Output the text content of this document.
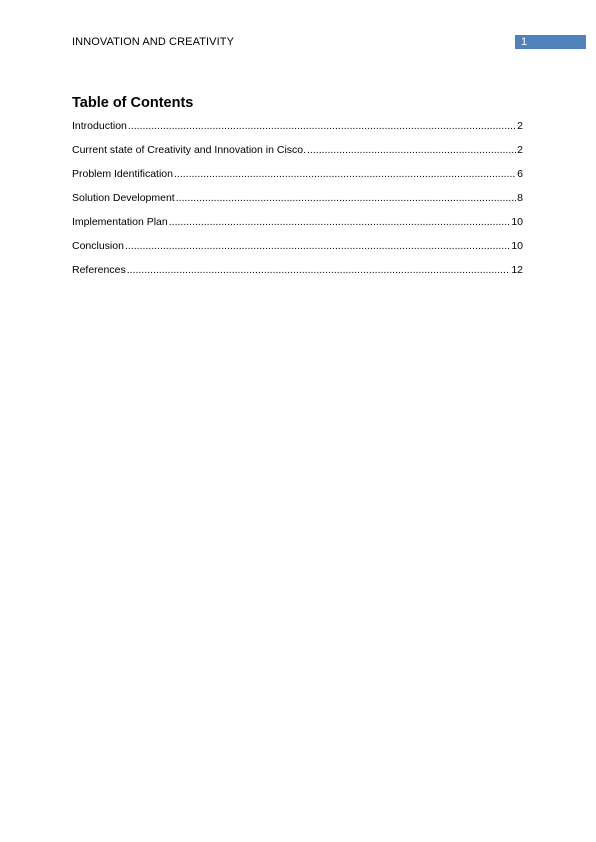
INNOVATION AND CREATIVITY	1
Table of Contents
Introduction .....	2
Current state of Creativity and Innovation in Cisco. .....	2
Problem Identification .....	6
Solution Development .....	8
Implementation Plan .....	10
Conclusion .....	10
References .....	12
